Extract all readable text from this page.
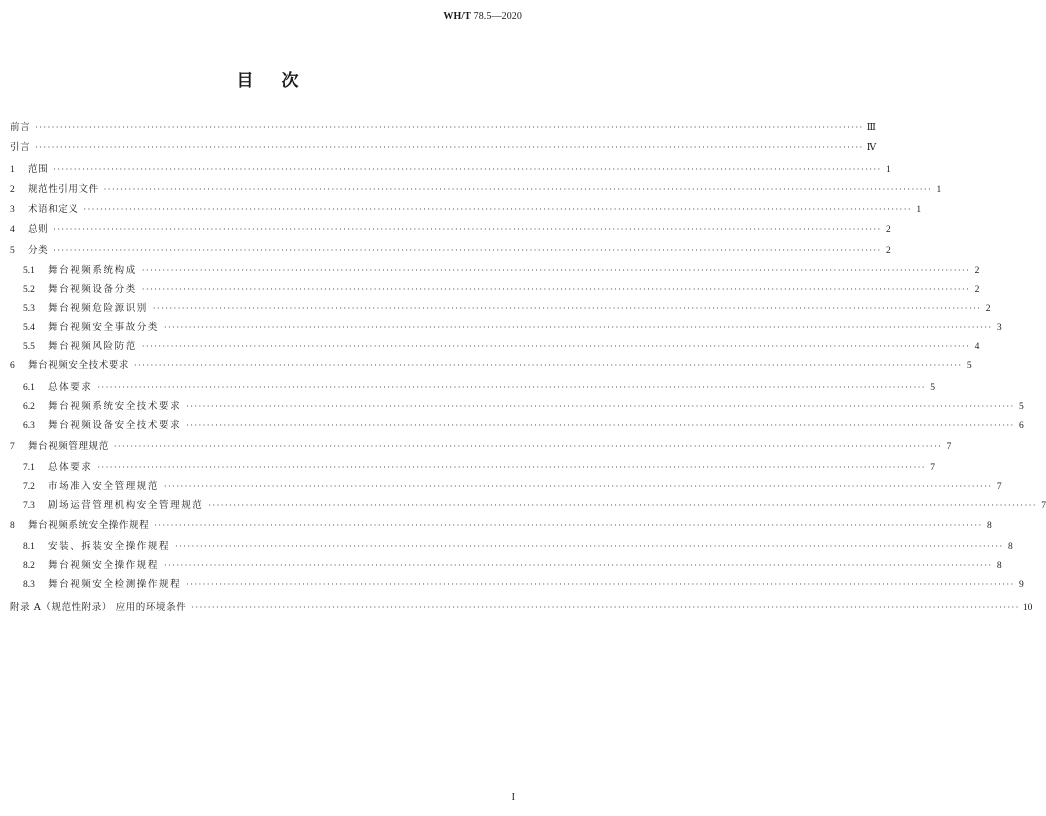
WH/T 78.5—2020
目次
前言 ········································································································································································································ Ⅲ
引言 ········································································································································································································ Ⅳ
1	范围 ········································································································································································································ 1
2	规范性引用文件 ········································································································································································································ 1
3	术语和定义 ········································································································································································································ 1
4	总则 ········································································································································································································ 2
5	分类 ········································································································································································································ 2
5.1	舞台视频系统构成 ········································································································································································································ 2
5.2	舞台视频设备分类 ········································································································································································································ 2
5.3	舞台视频危险源识别 ········································································································································································································ 2
5.4	舞台视频安全事故分类 ········································································································································································································ 3
5.5	舞台视频风险防范 ········································································································································································································ 4
6	舞台视频安全技术要求 ········································································································································································································ 5
6.1	总体要求 ········································································································································································································ 5
6.2	舞台视频系统安全技术要求 ········································································································································································································ 5
6.3	舞台视频设备安全技术要求 ········································································································································································································ 6
7	舞台视频管理规范 ········································································································································································································ 7
7.1	总体要求 ········································································································································································································ 7
7.2	市场准入安全管理规范 ········································································································································································································ 7
7.3	剧场运营管理机构安全管理规范 ········································································································································································································ 7
8	舞台视频系统安全操作规程 ········································································································································································································ 8
8.1	安装、拆装安全操作规程 ········································································································································································································ 8
8.2	舞台视频安全操作规程 ········································································································································································································ 8
8.3	舞台视频安全检测操作规程 ········································································································································································································ 9
附录 A（规范性附录） 应用的环境条件 ········································································································································································································ 10
I
